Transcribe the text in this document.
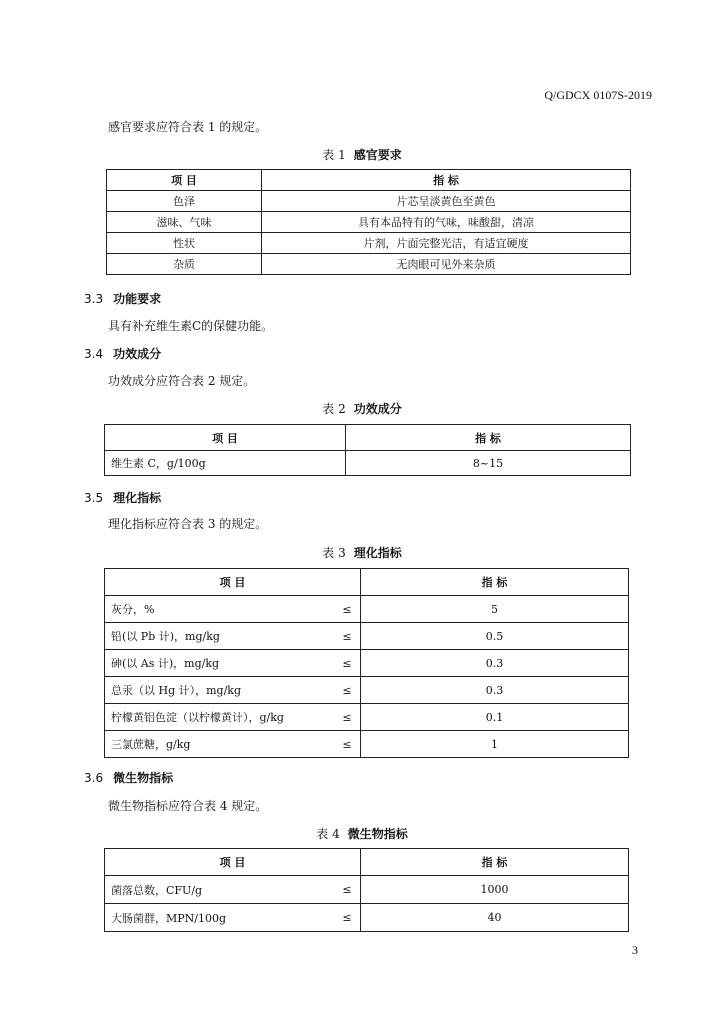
Q/GDCX 0107S-2019
感官要求应符合表 1 的规定。
表 1 感官要求
项 目	指 标
色泽	片芯呈淡黄色至黄色
滋味、气味	具有本品特有的气味，味酸甜，清凉
性状	片剂，片面完整光洁，有适宜硬度
杂质	无肉眼可见外来杂质
3.3 功能要求
具有补充维生素C的保健功能。
3.4 功效成分
功效成分应符合表 2 规定。
表 2 功效成分
项 目	指 标
维生素 C，g/100g	8~15
3.5 理化指标
理化指标应符合表 3 的规定。
表 3 理化指标
项 目		指 标
灰分，%	≤	5
铅(以 Pb 计)，mg/kg	≤	0.5
砷(以 As 计)，mg/kg	≤	0.3
总汞（以 Hg 计），mg/kg	≤	0.3
柠檬黄铝色淀（以柠檬黄计），g/kg	≤	0.1
三氯蔗糖，g/kg	≤	1
3.6 微生物指标
微生物指标应符合表 4 规定。
表 4 微生物指标
项 目		指 标
菌落总数，CFU/g	≤	1000
大肠菌群，MPN/100g	≤	40
3
